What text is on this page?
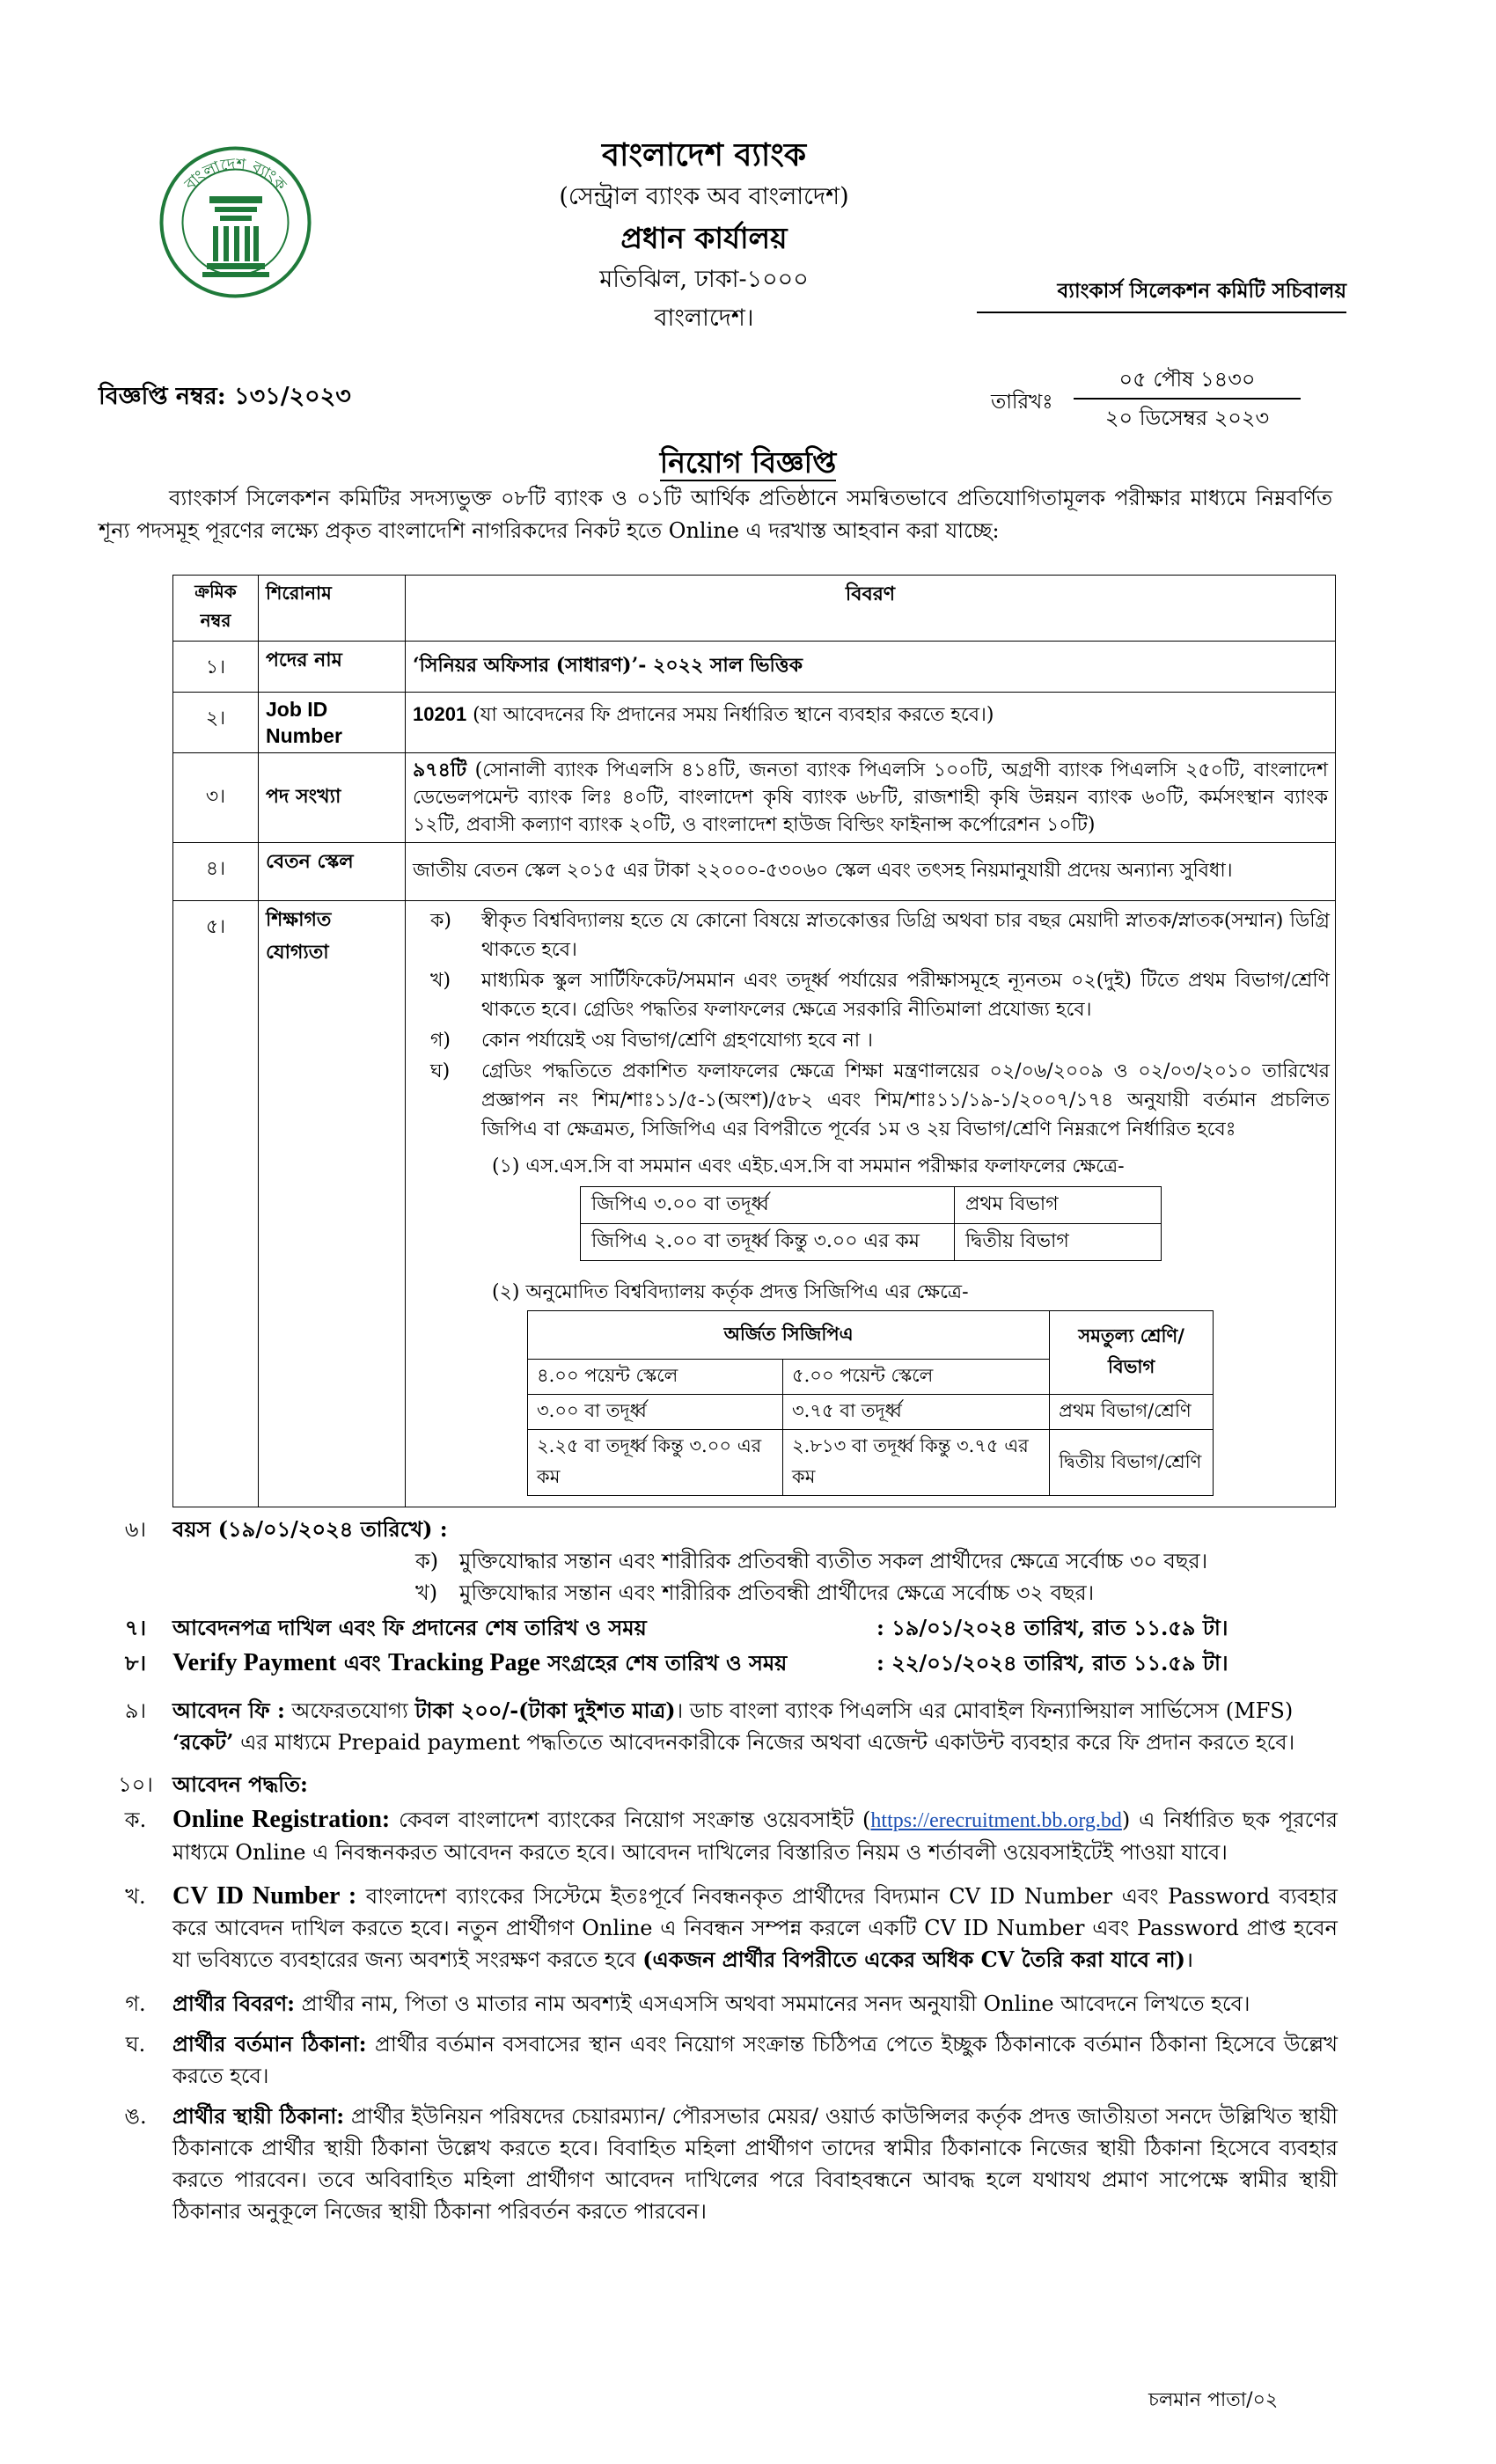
বাংলাদেশ ব্যাংক
বাংলাদেশ ব্যাংক
(সেন্ট্রাল ব্যাংক অব বাংলাদেশ)
প্রধান কার্যালয়
মতিঝিল, ঢাকা-১০০০
বাংলাদেশ।
ব্যাংকার্স সিলেকশন কমিটি সচিবালয়
বিজ্ঞপ্তি নম্বর: ১৩১/২০২৩	তারিখঃ
০৫ পৌষ ১৪৩০
২০ ডিসেম্বর ২০২৩
নিয়োগ বিজ্ঞপ্তি
ব্যাংকার্স সিলেকশন কমিটির সদস্যভুক্ত ০৮টি ব্যাংক ও ০১টি আর্থিক প্রতিষ্ঠানে সমন্বিতভাবে প্রতিযোগিতামূলক পরীক্ষার মাধ্যমে নিম্নবর্ণিত শূন্য পদসমূহ পূরণের লক্ষ্যে প্রকৃত বাংলাদেশি নাগরিকদের নিকট হতে Online এ দরখাস্ত আহবান করা যাচ্ছে:
ক্রমিক নম্বর	শিরোনাম	বিবরণ
১।	পদের নাম	‘সিনিয়র অফিসার (সাধারণ)’- ২০২২ সাল ভিত্তিক
২।	Job ID Number	10201 (যা আবেদনের ফি প্রদানের সময় নির্ধারিত স্থানে ব্যবহার করতে হবে।)
৩।	পদ সংখ্যা	৯৭৪টি (সোনালী ব্যাংক পিএলসি ৪১৪টি, জনতা ব্যাংক পিএলসি ১০০টি, অগ্রণী ব্যাংক পিএলসি ২৫০টি, বাংলাদেশ ডেভেলপমেন্ট ব্যাংক লিঃ ৪০টি, বাংলাদেশ কৃষি ব্যাংক ৬৮টি, রাজশাহী কৃষি উন্নয়ন ব্যাংক ৬০টি, কর্মসংস্থান ব্যাংক ১২টি, প্রবাসী কল্যাণ ব্যাংক ২০টি, ও বাংলাদেশ হাউজ বিল্ডিং ফাইনান্স কর্পোরেশন ১০টি)
৪।	বেতন স্কেল	জাতীয় বেতন স্কেল ২০১৫ এর টাকা ২২০০০-৫৩০৬০ স্কেল এবং তৎসহ নিয়মানুযায়ী প্রদেয় অন্যান্য সুবিধা।
৫।	শিক্ষাগত যোগ্যতা	
ক)	স্বীকৃত বিশ্ববিদ্যালয় হতে যে কোনো বিষয়ে স্নাতকোত্তর ডিগ্রি অথবা চার বছর মেয়াদী স্নাতক/স্নাতক(সম্মান) ডিগ্রি থাকতে হবে।
খ)	মাধ্যমিক স্কুল সার্টিফিকেট/সমমান এবং তদূর্ধ্ব পর্যায়ের পরীক্ষাসমূহে ন্যূনতম ০২(দুই) টিতে প্রথম বিভাগ/শ্রেণি থাকতে হবে। গ্রেডিং পদ্ধতির ফলাফলের ক্ষেত্রে সরকারি নীতিমালা প্রযোজ্য হবে।
গ)	কোন পর্যায়েই ৩য় বিভাগ/শ্রেণি গ্রহণযোগ্য হবে না ।
ঘ)	গ্রেডিং পদ্ধতিতে প্রকাশিত ফলাফলের ক্ষেত্রে শিক্ষা মন্ত্রণালয়ের ০২/০৬/২০০৯ ও ০২/০৩/২০১০ তারিখের প্রজ্ঞাপন নং শিম/শাঃ১১/৫-১(অংশ)/৫৮২ এবং শিম/শাঃ১১/১৯-১/২০০৭/১৭৪ অনুযায়ী বর্তমান প্রচলিত জিপিএ বা ক্ষেত্রমত, সিজিপিএ এর বিপরীতে পূর্বের ১ম ও ২য় বিভাগ/শ্রেণি নিম্নরূপে নির্ধারিত হবেঃ
(১) এস.এস.সি বা সমমান এবং এইচ.এস.সি বা সমমান পরীক্ষার ফলাফলের ক্ষেত্রে-
জিপিএ ৩.০০ বা তদূর্ধ্ব	প্রথম বিভাগ
জিপিএ ২.০০ বা তদূর্ধ্ব কিন্তু ৩.০০ এর কম	দ্বিতীয় বিভাগ
(২) অনুমোদিত বিশ্ববিদ্যালয় কর্তৃক প্রদত্ত সিজিপিএ এর ক্ষেত্রে-
অর্জিত সিজিপিএ	সমতুল্য শ্রেণি/বিভাগ
৪.০০ পয়েন্ট স্কেলে	৫.০০ পয়েন্ট স্কেলে
৩.০০ বা তদূর্ধ্ব	৩.৭৫ বা তদূর্ধ্ব	প্রথম বিভাগ/শ্রেণি
২.২৫ বা তদূর্ধ্ব কিন্তু ৩.০০ এর কম	২.৮১৩ বা তদূর্ধ্ব কিন্তু ৩.৭৫ এর কম	দ্বিতীয় বিভাগ/শ্রেণি
৬।	বয়স (১৯/০১/২০২৪ তারিখে) :
ক) মুক্তিযোদ্ধার সন্তান এবং শারীরিক প্রতিবন্ধী ব্যতীত সকল প্রার্থীদের ক্ষেত্রে সর্বোচ্চ ৩০ বছর।
খ)	মুক্তিযোদ্ধার সন্তান এবং শারীরিক প্রতিবন্ধী প্রার্থীদের ক্ষেত্রে সর্বোচ্চ ৩২ বছর।
৭।	আবেদনপত্র দাখিল এবং ফি প্রদানের শেষ তারিখ ও সময়	: ১৯/০১/২০২৪ তারিখ, রাত ১১.৫৯ টা।
৮।	Verify Payment এবং Tracking Page সংগ্রহের শেষ তারিখ ও সময়	: ২২/০১/২০২৪ তারিখ, রাত ১১.৫৯ টা।
৯।	আবেদন ফি : অফেরতযোগ্য টাকা ২০০/-(টাকা দুইশত মাত্র)। ডাচ বাংলা ব্যাংক পিএলসি এর মোবাইল ফিন্যান্সিয়াল সার্ভিসেস (MFS)
‘রকেট’ এর মাধ্যমে Prepaid payment পদ্ধতিতে আবেদনকারীকে নিজের অথবা এজেন্ট একাউন্ট ব্যবহার করে ফি প্রদান করতে হবে।
১০। আবেদন পদ্ধতি:
ক.	Online Registration: কেবল বাংলাদেশ ব্যাংকের নিয়োগ সংক্রান্ত ওয়েবসাইট (https://erecruitment.bb.org.bd) এ নির্ধারিত ছক পূরণের মাধ্যমে Online এ নিবন্ধনকরত আবেদন করতে হবে। আবেদন দাখিলের বিস্তারিত নিয়ম ও শর্তাবলী ওয়েবসাইটেই পাওয়া যাবে।
খ.	CV ID Number : বাংলাদেশ ব্যাংকের সিস্টেমে ইতঃপূর্বে নিবন্ধনকৃত প্রার্থীদের বিদ্যমান CV ID Number এবং Password ব্যবহার করে আবেদন দাখিল করতে হবে। নতুন প্রার্থীগণ Online এ নিবন্ধন সম্পন্ন করলে একটি CV ID Number এবং Password প্রাপ্ত হবেন যা ভবিষ্যতে ব্যবহারের জন্য অবশ্যই সংরক্ষণ করতে হবে (একজন প্রার্থীর বিপরীতে একের অধিক CV তৈরি করা যাবে না)।
গ.	প্রার্থীর বিবরণ: প্রার্থীর নাম, পিতা ও মাতার নাম অবশ্যই এসএসসি অথবা সমমানের সনদ অনুযায়ী Online আবেদনে লিখতে হবে।
ঘ.	প্রার্থীর বর্তমান ঠিকানা: প্রার্থীর বর্তমান বসবাসের স্থান এবং নিয়োগ সংক্রান্ত চিঠিপত্র পেতে ইচ্ছুক ঠিকানাকে বর্তমান ঠিকানা হিসেবে উল্লেখ করতে হবে।
ঙ.	প্রার্থীর স্থায়ী ঠিকানা: প্রার্থীর ইউনিয়ন পরিষদের চেয়ারম্যান/ পৌরসভার মেয়র/ ওয়ার্ড কাউন্সিলর কর্তৃক প্রদত্ত জাতীয়তা সনদে উল্লিখিত স্থায়ী ঠিকানাকে প্রার্থীর স্থায়ী ঠিকানা উল্লেখ করতে হবে। বিবাহিত মহিলা প্রার্থীগণ তাদের স্বামীর ঠিকানাকে নিজের স্থায়ী ঠিকানা হিসেবে ব্যবহার করতে পারবেন। তবে অবিবাহিত মহিলা প্রার্থীগণ আবেদন দাখিলের পরে বিবাহবন্ধনে আবদ্ধ হলে যথাযথ প্রমাণ সাপেক্ষে স্বামীর স্থায়ী ঠিকানার অনুকূলে নিজের স্থায়ী ঠিকানা পরিবর্তন করতে পারবেন।
চলমান পাতা/০২
